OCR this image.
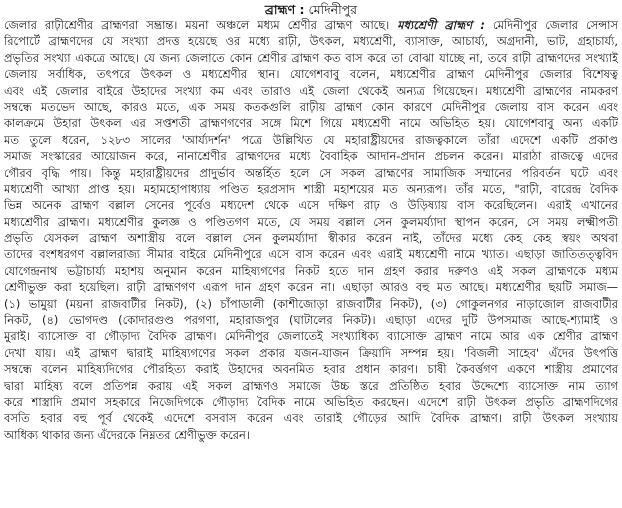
ব্রাহ্মণ : মেদিনীপুর
জেলার রাঢ়ীশ্রেণীর ব্রাহ্মণরা সম্ভ্রান্ত। ময়না অঞ্চলে মধ্যম শ্রেণীর ব্রাহ্মণ আছে। মধ্যশ্রেণী ব্রাহ্মণ : মেদিনীপুর জেলার সেন্সাস
রিপোর্টে ব্রাহ্মণদের যে সংখ্যা প্রদত্ত হয়েছে ওর মধ্যে রাঢ়ী, উৎকল, মধ্যশ্রেণী, ব্যাসাক্ত, আচার্য্য, অগ্রদানী, ভাট, গ্রহাচার্য্য,
প্রভৃতির সংখ্যা একত্রে আছে। যে জন্য জেলাতে কোন শ্রেণীর ব্রাহ্মণ কত বাস করে তা বোঝা যাচ্ছে না, তবে রাঢ়ী ব্রাহ্মণদের সংখ্যাই
জেলায় সর্বাধিক, তৎপরে উৎকল ও মধ্যশ্রেণীর স্থান। যোগেশবাবু বলেন, মধ্যশ্রেণীর ব্রাহ্মণ মেদিনীপুর জেলার বিশেষত্ব
এবং এই জেলার বাইরে উহাদের সংখ্যা কম এবং তারাও এই জেলা থেকেই অন্যত্র গিয়েছেন। মধ্যশ্রেণী ব্রাহ্মণের নামকরণ
সম্বন্ধে মতভেদ আছে, কারও মতে, এক সময় কতকগুলি রাঢ়ীয় ব্রাহ্মণ কোন কারণে মেদিনীপুর জেলায় বাস করেন এবং
কালক্রমে উহারা উৎকল এর সপ্তশতী ব্রাহ্মণগণের সঙ্গে মিশে গিয়ে মধ্যশ্রেণী নামে অভিহিত হয়। যোগেশবাবু অন্য একটি
মত তুলে ধরেন, ১২৮৩ সালের 'আর্য্যদর্শন' পত্রে উল্লিখিত যে মহারাষ্ট্রীয়দের রাজত্বকালে তাঁরা এদেশে একটি প্রকাণ্ড
সমাজ সংস্কারের আয়োজন করে, নানাশ্রেণীর ব্রাহ্মণদের মধ্যে বৈবাহিক আদান-প্রদান প্রচলন করেন। মারাঠা রাজত্বে এদের
গৌরব বৃদ্ধি পায়। কিন্তু মহারাষ্ট্রীয়দের প্রাদুর্ভাব অন্তর্হিত হলে সে সকল ব্রাহ্মণের সামাজিক সম্মানের পরিবর্তন ঘটে এবং
মধ্যশ্রেণী আখ্যা প্রাপ্ত হয়। মহামহোপাধ্যায় পণ্ডিত হরপ্রসাদ শাস্ত্রী মহাশয়ের মত অন্যরূপ। তাঁর মতে, "রাঢ়ী, বারেন্দ্র বৈদিক
ভিন্ন অনেক ব্রাহ্মণ বল্লাল সেনের পূর্বেও মধ্যদেশ থেকে এসে দক্ষিণ রাঢ় ও উড়িষ্যায় বাস করেছিলেন। এরাই এখানের
মধ্যশ্রেণীর ব্রাহ্মণ। মধ্যশ্রেণীর কুলজ্ঞ ও পণ্ডিতগণ মতে, যে সময় বল্লাল সেন কুলমর্য্যাদা স্থাপন করেন, সে সময় লক্ষ্মীপতী
প্রভৃতি যেসকল ব্রাহ্মণ অশাস্ত্রীয় বলে বল্লাল সেন কুলমর্য্যাদা স্বীকার করেন নাই, তাঁদের মধ্যে কেহ কেহ স্বয়ং অথবা
তাদের বংশধরগণ বল্লালরাজ্য সীমার বাইরে মেদিনীপুরে এসে বাস করেন এবং এরাই মধ্যশ্রেণী নামে খ্যাত। এছাড়া জাতিতত্ত্ববিদ
যোগেন্দ্রনাথ ভট্টাচার্য্য মহাশয় অনুমান করেন মাহিষ্যগণের নিকট হতে দান গ্রহণ করার দরুণও এই সকল ব্রাহ্মণকে মধ্যম
শ্রেণীভুক্ত করা হয়েছিল। রাঢ়ী ব্রাহ্মণগণ এরূপ দান গ্রহণ করেন না। এছাড়া আরও বহু মত আছে। মধ্যশ্রেণীর ছয়টি সমাজ—
(১) ভামুয়া (ময়না রাজবাটীর নিকট), (২) চাঁপাডালী (কাশীজোড়া রাজবাটীর নিকট), (৩) গোকুলনগর নাড়াজোল রাজবাটীর
নিকট, (৪) ভোগদণ্ড (কোদারগুণ্ড পরগণা, মহারাজপুর (ঘাটালের নিকট)। এছাড়া এদের দুটি উপসমাজ আছে-শ্যামাই ও
মুরাই। ব্যাসোক্ত বা গৌড়াদ্য বৈদিক ব্রাহ্মণ। মেদিনীপুর জেলাতেই সংখ্যাধিক্য ব্যাসোক্ত ব্রাহ্মণ নামে আর এক শ্রেণীর ব্রাহ্মণ
দেখা যায়। এই ব্রাহ্মণ দ্বারাই মাহিষ্যগণের সকল প্রকার যজন-যাজন ক্রিয়াদি সম্পন্ন হয়। 'বিজলী সাহেব' এঁদের উৎপত্তি
সম্বন্ধে বলেন মাহিষ্যদিগের পৌরহিত্য করাই উহাদের অবনমিত হবার প্রধান কারণ। চাষী কৈবর্ত্তগণ একণে শাস্ত্রীয় প্রমাণের
দ্বারা মাহিষ্য বলে প্রতিপন্ন করায় এই সকল ব্রাহ্মণও সমাজে উচ্চ স্তরে প্রতিষ্ঠিত হবার উদ্দেশ্যে ব্যাসোক্ত নাম ত্যাগ
করে শাস্ত্রাদি প্রমাণ সহকারে নিজেদিগকে গৌড়াদ্য বৈদিক নামে অভিহিত করছেন। এদেশে রাঢ়ী উৎকল প্রভৃতি ব্রাহ্মণদিগের
বসতি হবার বহু পূর্ব থেকেই এদেশে বসবাস করেন এবং তারাই গৌড়ের আদি বৈদিক ব্রাহ্মণ। রাঢ়ী উৎকল সংখ্যায়
আধিক্য থাকার জন্য এঁদেরকে নিম্নতর শ্রেণীভুক্ত করেন।
